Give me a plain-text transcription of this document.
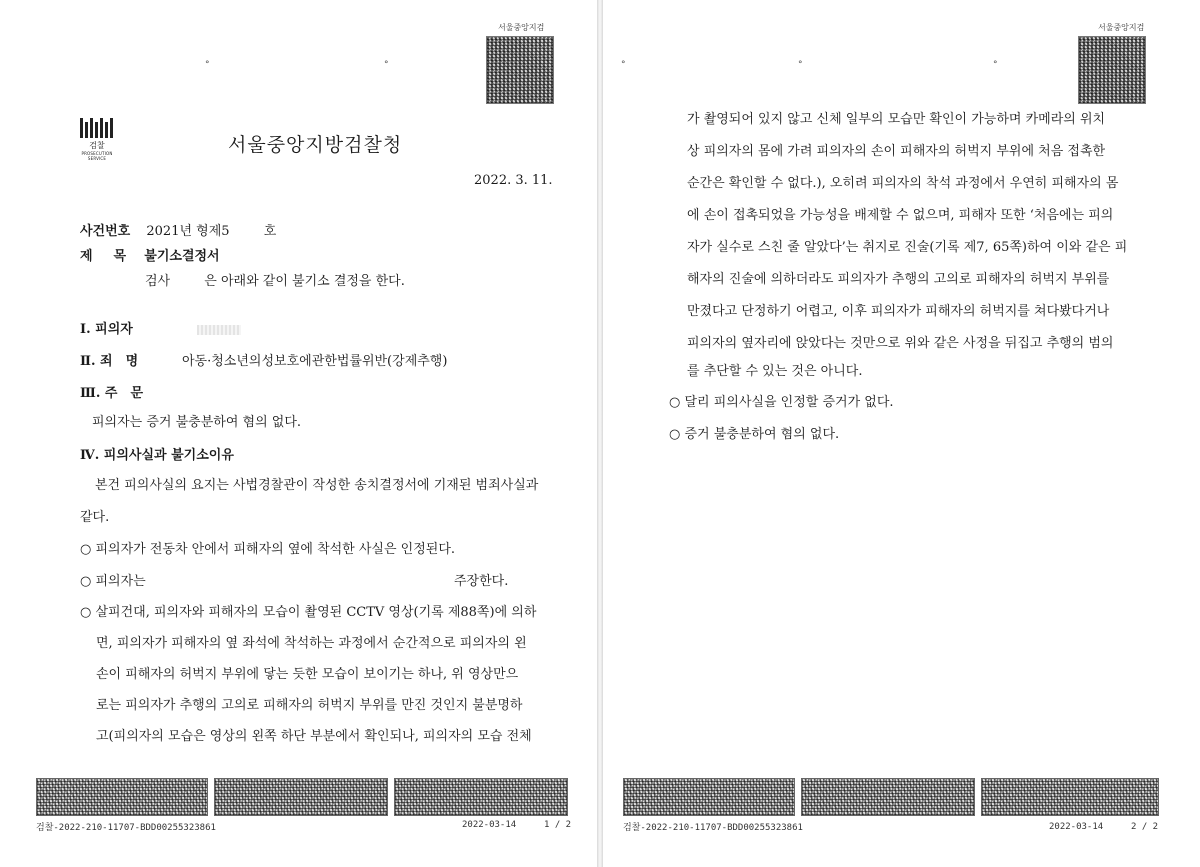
서울중앙지검
°	°
검찰
PROSECUTION SERVICE
서울중앙지방검찰청
2022. 3. 11.
사건번호 2021년 형제5	호
제　목 불기소결정서
검사	은 아래와 같이 불기소 결정을 한다.
Ⅰ. 피의자
Ⅱ. 죄　명	아동·청소년의성보호에관한법률위반(강제추행)
Ⅲ. 주　문
피의자는 증거 불충분하여 혐의 없다.
Ⅳ. 피의사실과 불기소이유
본건 피의사실의 요지는 사법경찰관이 작성한 송치결정서에 기재된 범죄사실과
같다.
○ 피의자가 전동차 안에서 피해자의 옆에 착석한 사실은 인정된다.
○ 피의자는	주장한다.
○ 살피건대, 피의자와 피해자의 모습이 촬영된 CCTV 영상(기록 제88쪽)에 의하
면, 피의자가 피해자의 옆 좌석에 착석하는 과정에서 순간적으로 피의자의 왼
손이 피해자의 허벅지 부위에 닿는 듯한 모습이 보이기는 하나, 위 영상만으
로는 피의자가 추행의 고의로 피해자의 허벅지 부위를 만진 것인지 불분명하
고(피의자의 모습은 영상의 왼쪽 하단 부분에서 확인되나, 피의자의 모습 전체
검찰-2022-210-11707-BDD00255323861	2022-03-14	1 / 2
서울중앙지검
°	°	°
가 촬영되어 있지 않고 신체 일부의 모습만 확인이 가능하며 카메라의 위치
상 피의자의 몸에 가려 피의자의 손이 피해자의 허벅지 부위에 처음 접촉한
순간은 확인할 수 없다.), 오히려 피의자의 착석 과정에서 우연히 피해자의 몸
에 손이 접촉되었을 가능성을 배제할 수 없으며, 피해자 또한 ‘처음에는 피의
자가 실수로 스친 줄 알았다’는 취지로 진술(기록 제7, 65쪽)하여 이와 같은 피
해자의 진술에 의하더라도 피의자가 추행의 고의로 피해자의 허벅지 부위를
만졌다고 단정하기 어렵고, 이후 피의자가 피해자의 허벅지를 쳐다봤다거나
피의자의 옆자리에 앉았다는 것만으로 위와 같은 사정을 뒤집고 추행의 범의
를 추단할 수 있는 것은 아니다.
○ 달리 피의사실을 인정할 증거가 없다.
○ 증거 불충분하여 혐의 없다.
검찰-2022-210-11707-BDD00255323861	2022-03-14	2 / 2
